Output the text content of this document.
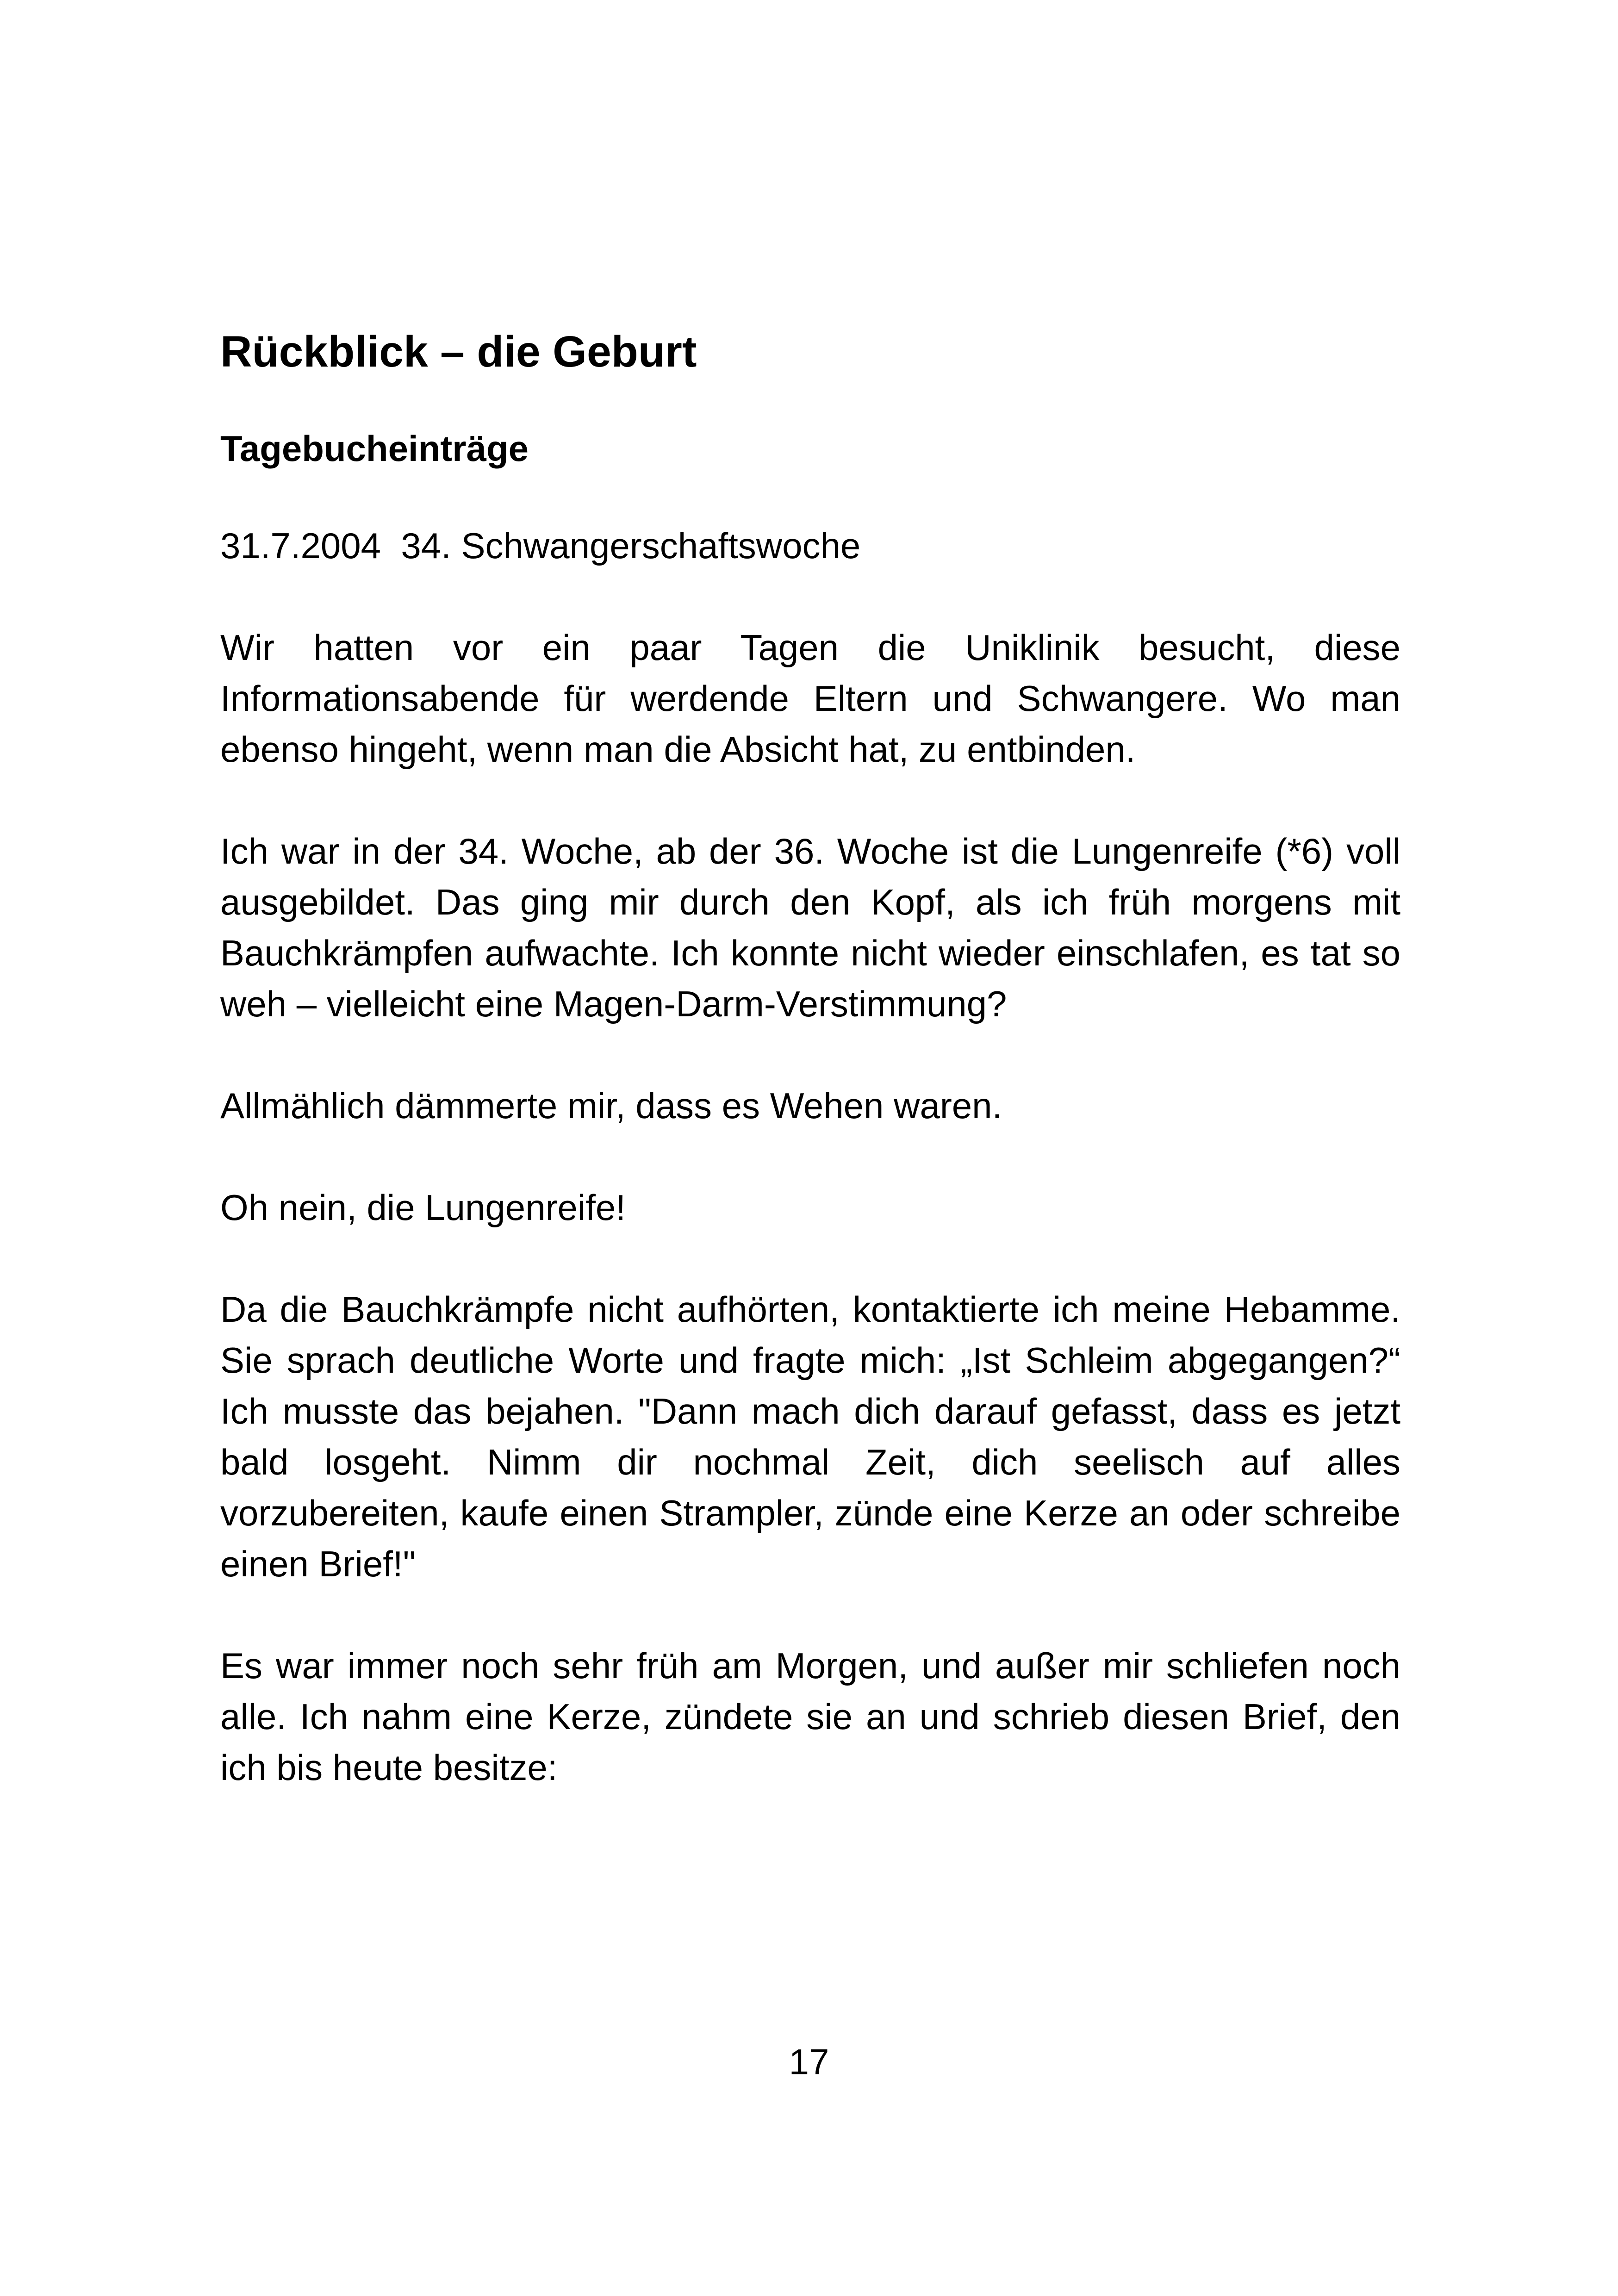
Rückblick – die Geburt
Tagebucheinträge
31.7.2004 34. Schwangerschaftswoche

Wir hatten vor ein paar Tagen die Uniklinik besucht, diese Informationsabende für werdende Eltern und Schwangere. Wo man ebenso hingeht, wenn man die Absicht hat, zu entbinden.

Ich war in der 34. Woche, ab der 36. Woche ist die Lungenreife (*6) voll ausgebildet. Das ging mir durch den Kopf, als ich früh morgens mit Bauchkrämpfen aufwachte. Ich konnte nicht wieder einschlafen, es tat so weh – vielleicht eine Magen-Darm-Verstimmung?

Allmählich dämmerte mir, dass es Wehen waren.

Oh nein, die Lungenreife!

Da die Bauchkrämpfe nicht aufhörten, kontaktierte ich meine Hebamme. Sie sprach deutliche Worte und fragte mich: „Ist Schleim abgegangen?“ Ich musste das bejahen. "Dann mach dich darauf gefasst, dass es jetzt bald losgeht. Nimm dir nochmal Zeit, dich seelisch auf alles vorzubereiten, kaufe einen Strampler, zünde eine Kerze an oder schreibe einen Brief!"

Es war immer noch sehr früh am Morgen, und außer mir schliefen noch alle. Ich nahm eine Kerze, zündete sie an und schrieb diesen Brief, den ich bis heute besitze:

17
